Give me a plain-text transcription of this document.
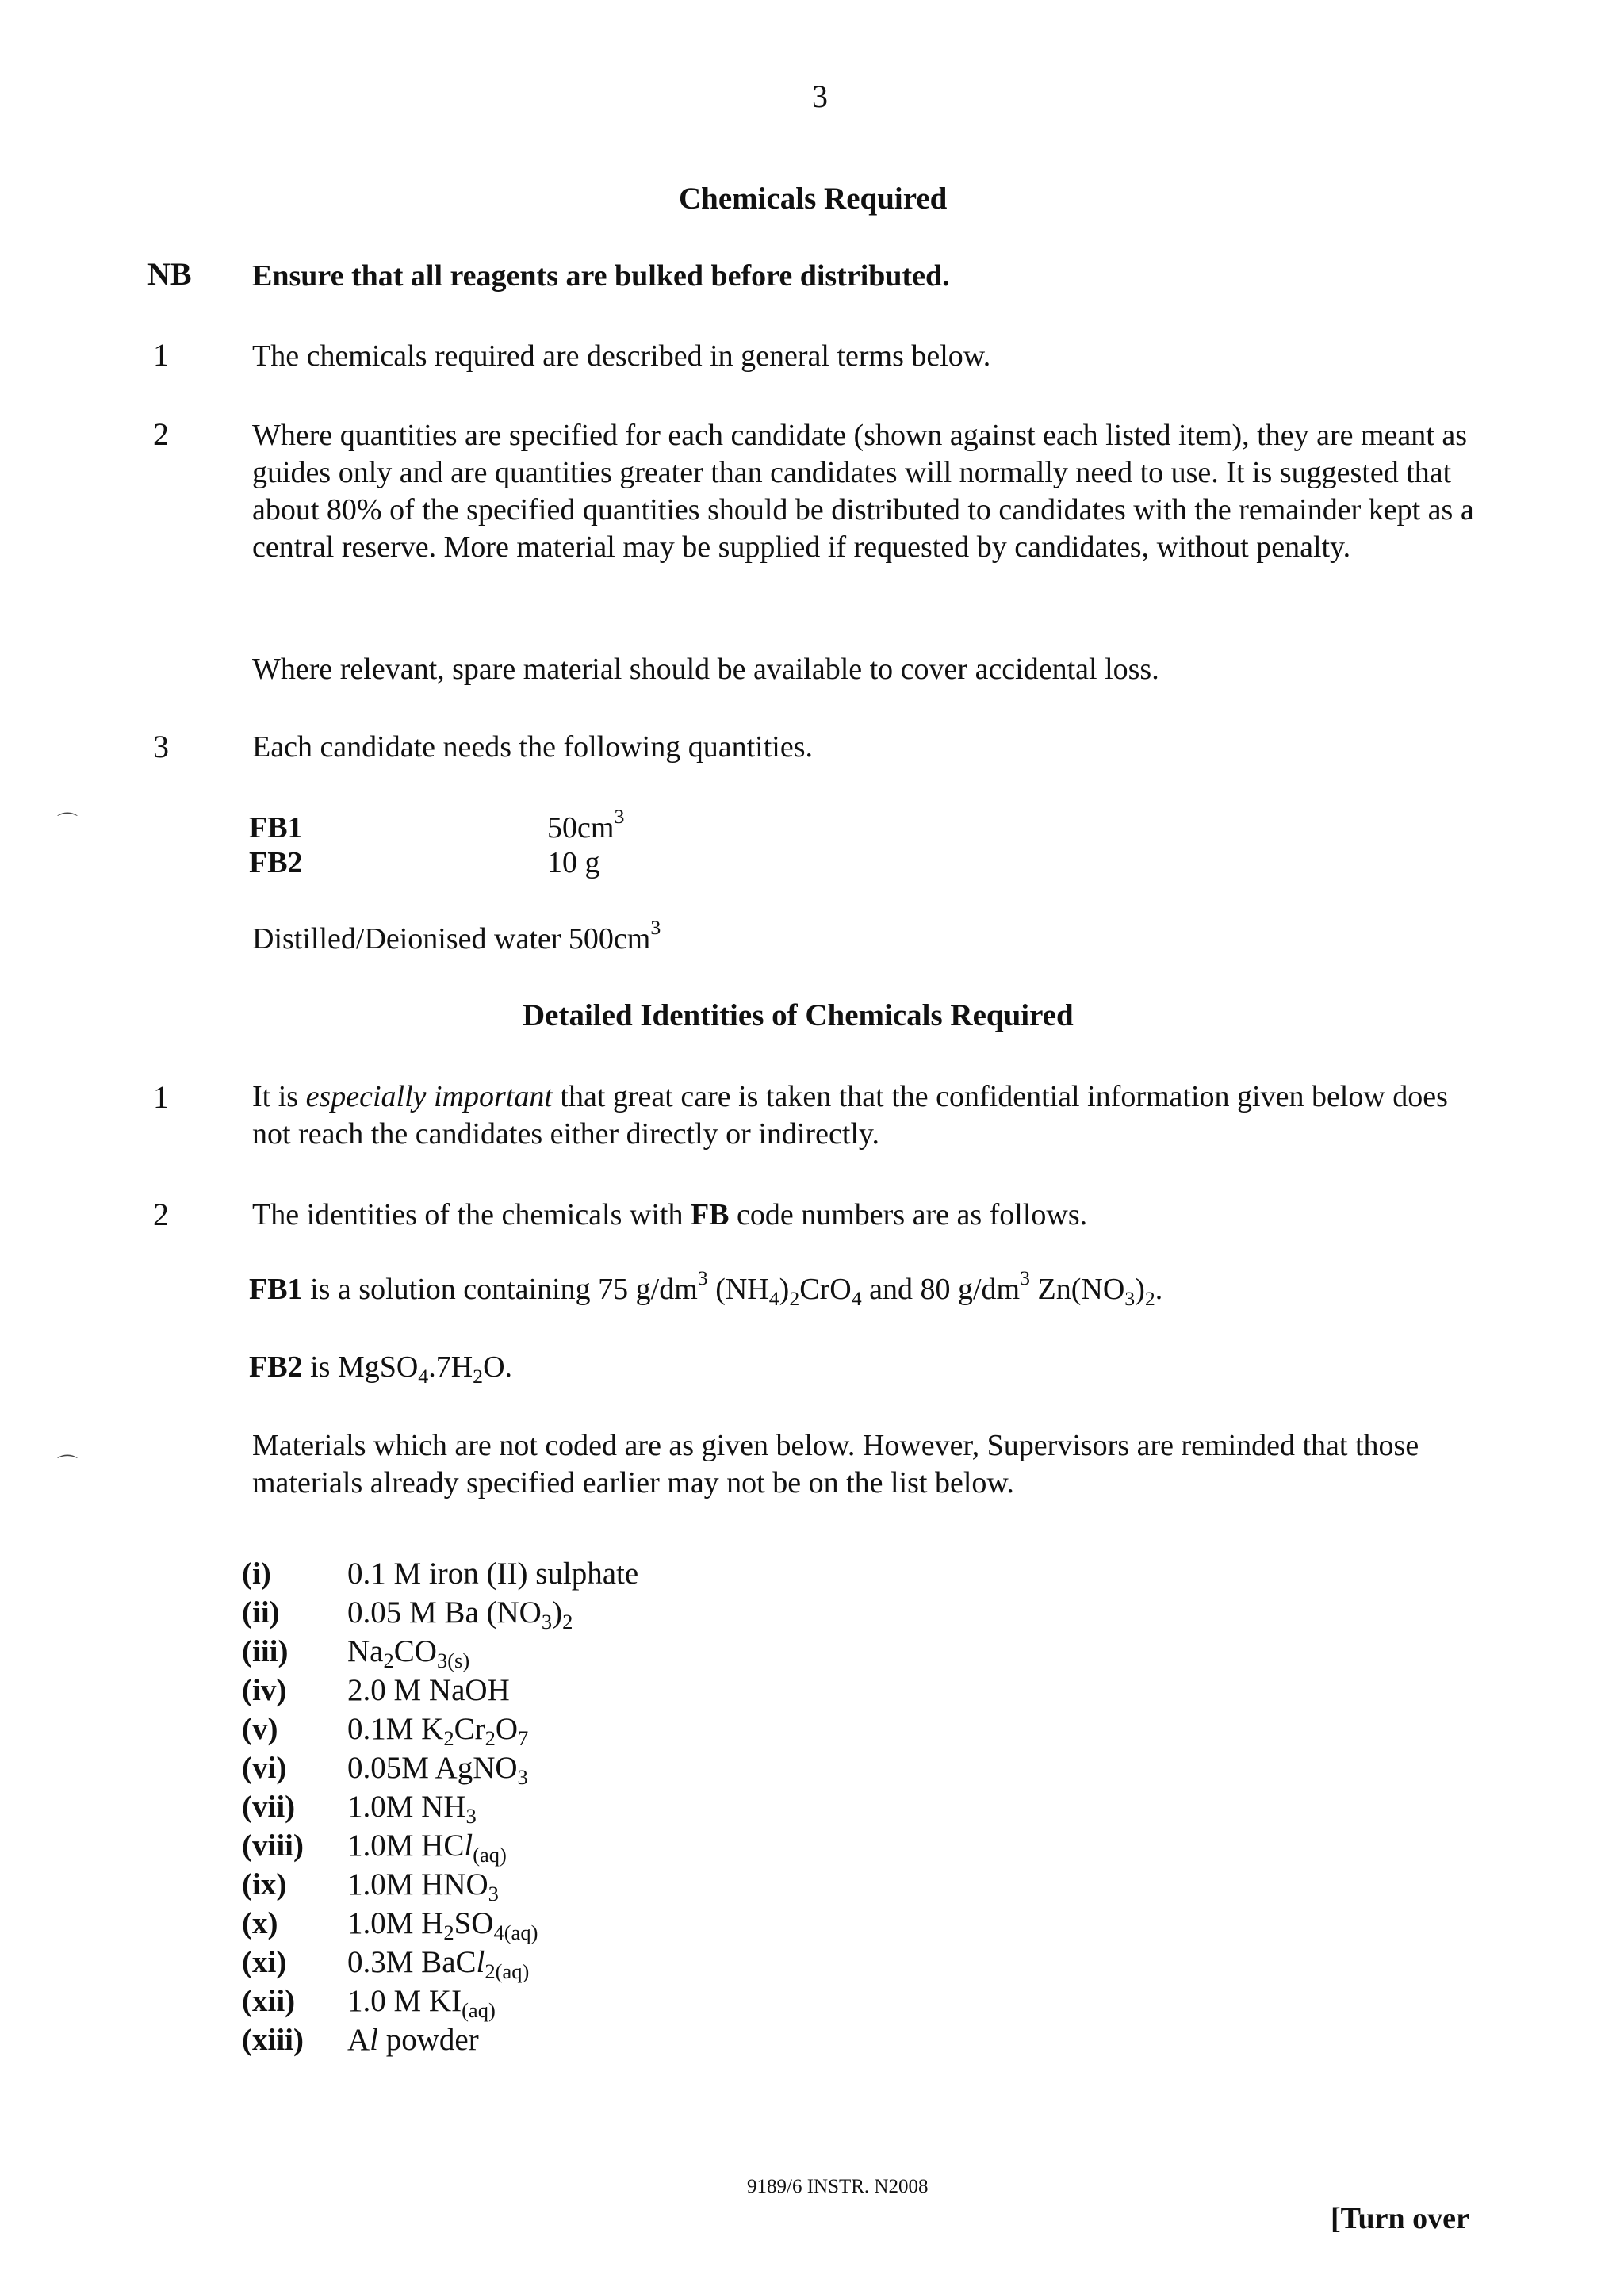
3
Chemicals Required
NB Ensure that all reagents are bulked before distributed.
1	The chemicals required are described in general terms below.
2	Where quantities are specified for each candidate (shown against each listed item), they are meant as guides only and are quantities greater than candidates will normally need to use. It is suggested that about 80% of the specified quantities should be distributed to candidates with the remainder kept as a central reserve. More material may be supplied if requested by candidates, without penalty.
Where relevant, spare material should be available to cover accidental loss.
3	Each candidate needs the following quantities.
⌒	FB1	$50cm^3$
FB2	10 g
Distilled/Deionised water $500cm^3$
Detailed Identities of Chemicals Required
1	It is especially important that great care is taken that the confidential information given below does not reach the candidates either directly or indirectly.
2	The identities of the chemicals with FB code numbers are as follows.
FB1 is a solution containing 75 $g/dm^3$ $(NH_4)_2CrO_4$ and 80 $g/dm^3$ $Zn(NO_3)_2$.
FB2 is $MgSO_4.7H_2O$.
⌒
Materials which are not coded are as given below. However, Supervisors are reminded that those materials already specified earlier may not be on the list below.
(i) 0.1 M iron (II) sulphate
(ii) 0.05 M Ba $(NO_3)_2$
(iii) $Na_2CO_{3(s)}$
(iv) 2.0 M NaOH
(v) 0.1M $K_2Cr_2O_7$
(vi) 0.05M AgNO$_3$
(vii) 1.0M $NH_3$
(viii) 1.0M HCl$_{(aq)}$
(ix) 1.0M $HNO_3$
(x) 1.0M $H_2SO_{4(aq)}$
(xi) 0.3M BaCl$_{2(aq)}$
(xii) 1.0 M $KI_{(aq)}$
(xiii) Al powder
9189/6 INSTR. N2008
[Turn over
